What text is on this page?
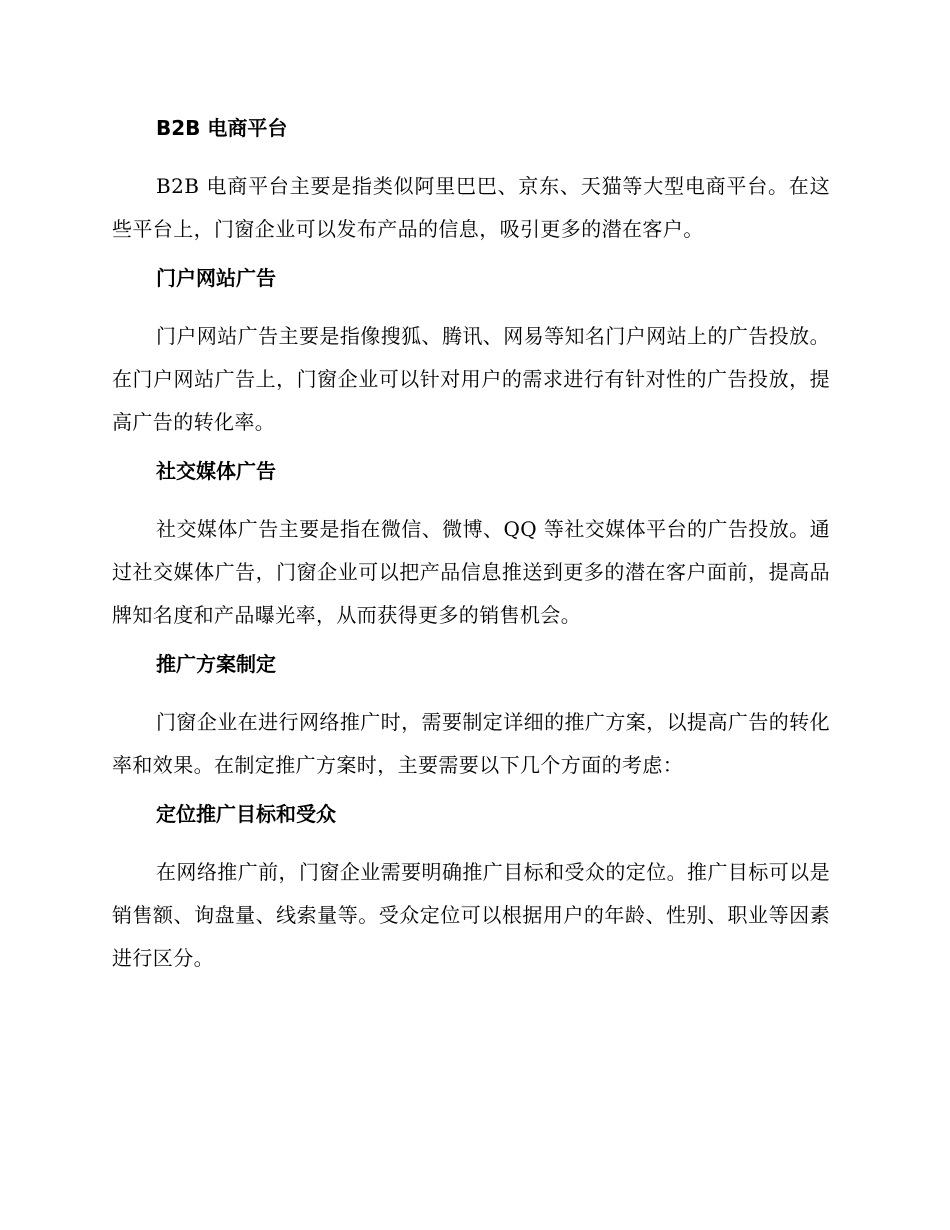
B2B 电商平台

B2B 电商平台主要是指类似阿里巴巴、京东、天猫等大型电商平台。在这些平台上，门窗企业可以发布产品的信息，吸引更多的潜在客户。

门户网站广告

门户网站广告主要是指像搜狐、腾讯、网易等知名门户网站上的广告投放。在门户网站广告上，门窗企业可以针对用户的需求进行有针对性的广告投放，提高广告的转化率。

社交媒体广告

社交媒体广告主要是指在微信、微博、QQ 等社交媒体平台的广告投放。通过社交媒体广告，门窗企业可以把产品信息推送到更多的潜在客户面前，提高品牌知名度和产品曝光率，从而获得更多的销售机会。

推广方案制定

门窗企业在进行网络推广时，需要制定详细的推广方案，以提高广告的转化率和效果。在制定推广方案时，主要需要以下几个方面的考虑：

定位推广目标和受众

在网络推广前，门窗企业需要明确推广目标和受众的定位。推广目标可以是销售额、询盘量、线索量等。受众定位可以根据用户的年龄、性别、职业等因素进行区分。
